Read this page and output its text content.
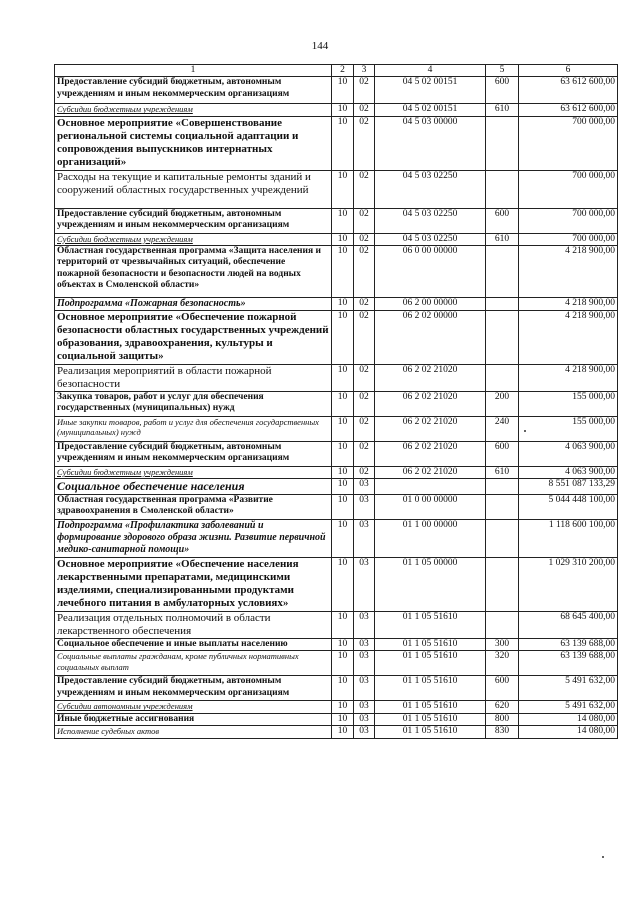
144
1	2	3	4	5	6
Предоставление субсидий бюджетным, автономным учреждениям и иным некоммерческим организациям	10	02	04 5 02 00151	600	63 612 600,00
Субсидии бюджетным учреждениям	10	02	04 5 02 00151	610	63 612 600,00
Основное мероприятие «Совершенствование региональной системы социальной адаптации и сопровождения выпускников интернатных организаций»	10	02	04 5 03 00000		700 000,00
Расходы на текущие и капитальные ремонты зданий и сооружений областных государственных учреждений	10	02	04 5 03 02250		700 000,00
Предоставление субсидий бюджетным, автономным учреждениям и иным некоммерческим организациям	10	02	04 5 03 02250	600	700 000,00
Субсидии бюджетным учреждениям	10	02	04 5 03 02250	610	700 000,00
Областная государственная программа «Защита населения и территорий от чрезвычайных ситуаций, обеспечение пожарной безопасности и безопасности людей на водных объектах в Смоленской области»	10	02	06 0 00 00000		4 218 900,00
Подпрограмма «Пожарная безопасность»	10	02	06 2 00 00000		4 218 900,00
Основное мероприятие «Обеспечение пожарной безопасности областных государственных учреждений образования, здравоохранения, культуры и социальной защиты»	10	02	06 2 02 00000		4 218 900,00
Реализация мероприятий в области пожарной безопасности	10	02	06 2 02 21020		4 218 900,00
Закупка товаров, работ и услуг для обеспечения государственных (муниципальных) нужд	10	02	06 2 02 21020	200	155 000,00
Иные закупки товаров, работ и услуг для обеспечения государственных (муниципальных) нужд	10	02	06 2 02 21020	240	155 000,00
Предоставление субсидий бюджетным, автономным учреждениям и иным некоммерческим организациям	10	02	06 2 02 21020	600	4 063 900,00
Субсидии бюджетным учреждениям	10	02	06 2 02 21020	610	4 063 900,00
Социальное обеспечение населения	10	03			8 551 087 133,29
Областная государственная программа «Развитие здравоохранения в Смоленской области»	10	03	01 0 00 00000		5 044 448 100,00
Подпрограмма «Профилактика заболеваний и формирование здорового образа жизни. Развитие первичной медико-санитарной помощи»	10	03	01 1 00 00000		1 118 600 100,00
Основное мероприятие «Обеспечение населения лекарственными препаратами, медицинскими изделиями, специализированными продуктами лечебного питания в амбулаторных условиях»	10	03	01 1 05 00000		1 029 310 200,00
Реализация отдельных полномочий в области лекарственного обеспечения	10	03	01 1 05 51610		68 645 400,00
Социальное обеспечение и иные выплаты населению	10	03	01 1 05 51610	300	63 139 688,00
Социальные выплаты гражданам, кроме публичных нормативных социальных выплат	10	03	01 1 05 51610	320	63 139 688,00
Предоставление субсидий бюджетным, автономным учреждениям и иным некоммерческим организациям	10	03	01 1 05 51610	600	5 491 632,00
Субсидии автономным учреждениям	10	03	01 1 05 51610	620	5 491 632,00
Иные бюджетные ассигнования	10	03	01 1 05 51610	800	14 080,00
Исполнение судебных актов	10	03	01 1 05 51610	830	14 080,00
